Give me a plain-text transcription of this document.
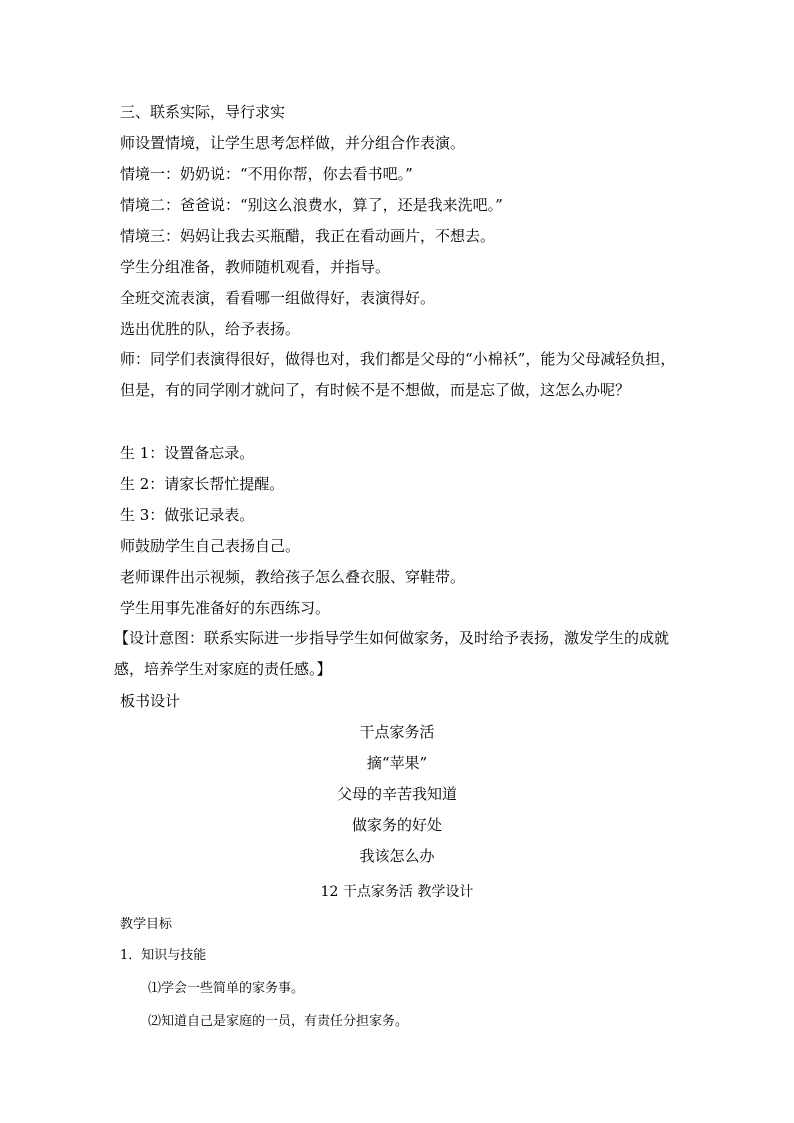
三、联系实际，导行求实
师设置情境，让学生思考怎样做，并分组合作表演。
情境一：奶奶说：“不用你帮，你去看书吧。”
情境二：爸爸说：“别这么浪费水，算了，还是我来洗吧。”
情境三：妈妈让我去买瓶醋，我正在看动画片，不想去。
学生分组准备，教师随机观看，并指导。
全班交流表演，看看哪一组做得好，表演得好。
选出优胜的队，给予表扬。
师：同学们表演得很好，做得也对，我们都是父母的“小棉袄”，能为父母减轻负担，但是，有的同学刚才就问了，有时候不是不想做，而是忘了做，这怎么办呢？
生 1：设置备忘录。
生 2：请家长帮忙提醒。
生 3：做张记录表。
师鼓励学生自己表扬自己。
老师课件出示视频，教给孩子怎么叠衣服、穿鞋带。
学生用事先准备好的东西练习。
【设计意图：联系实际进一步指导学生如何做家务，及时给予表扬，激发学生的成就感，培养学生对家庭的责任感。】
板书设计
干点家务活
摘“苹果”
父母的辛苦我知道
做家务的好处
我该怎么办
12 干点家务活 教学设计
教学目标
1．知识与技能
⑴学会一些简单的家务事。
⑵知道自己是家庭的一员，有责任分担家务。
